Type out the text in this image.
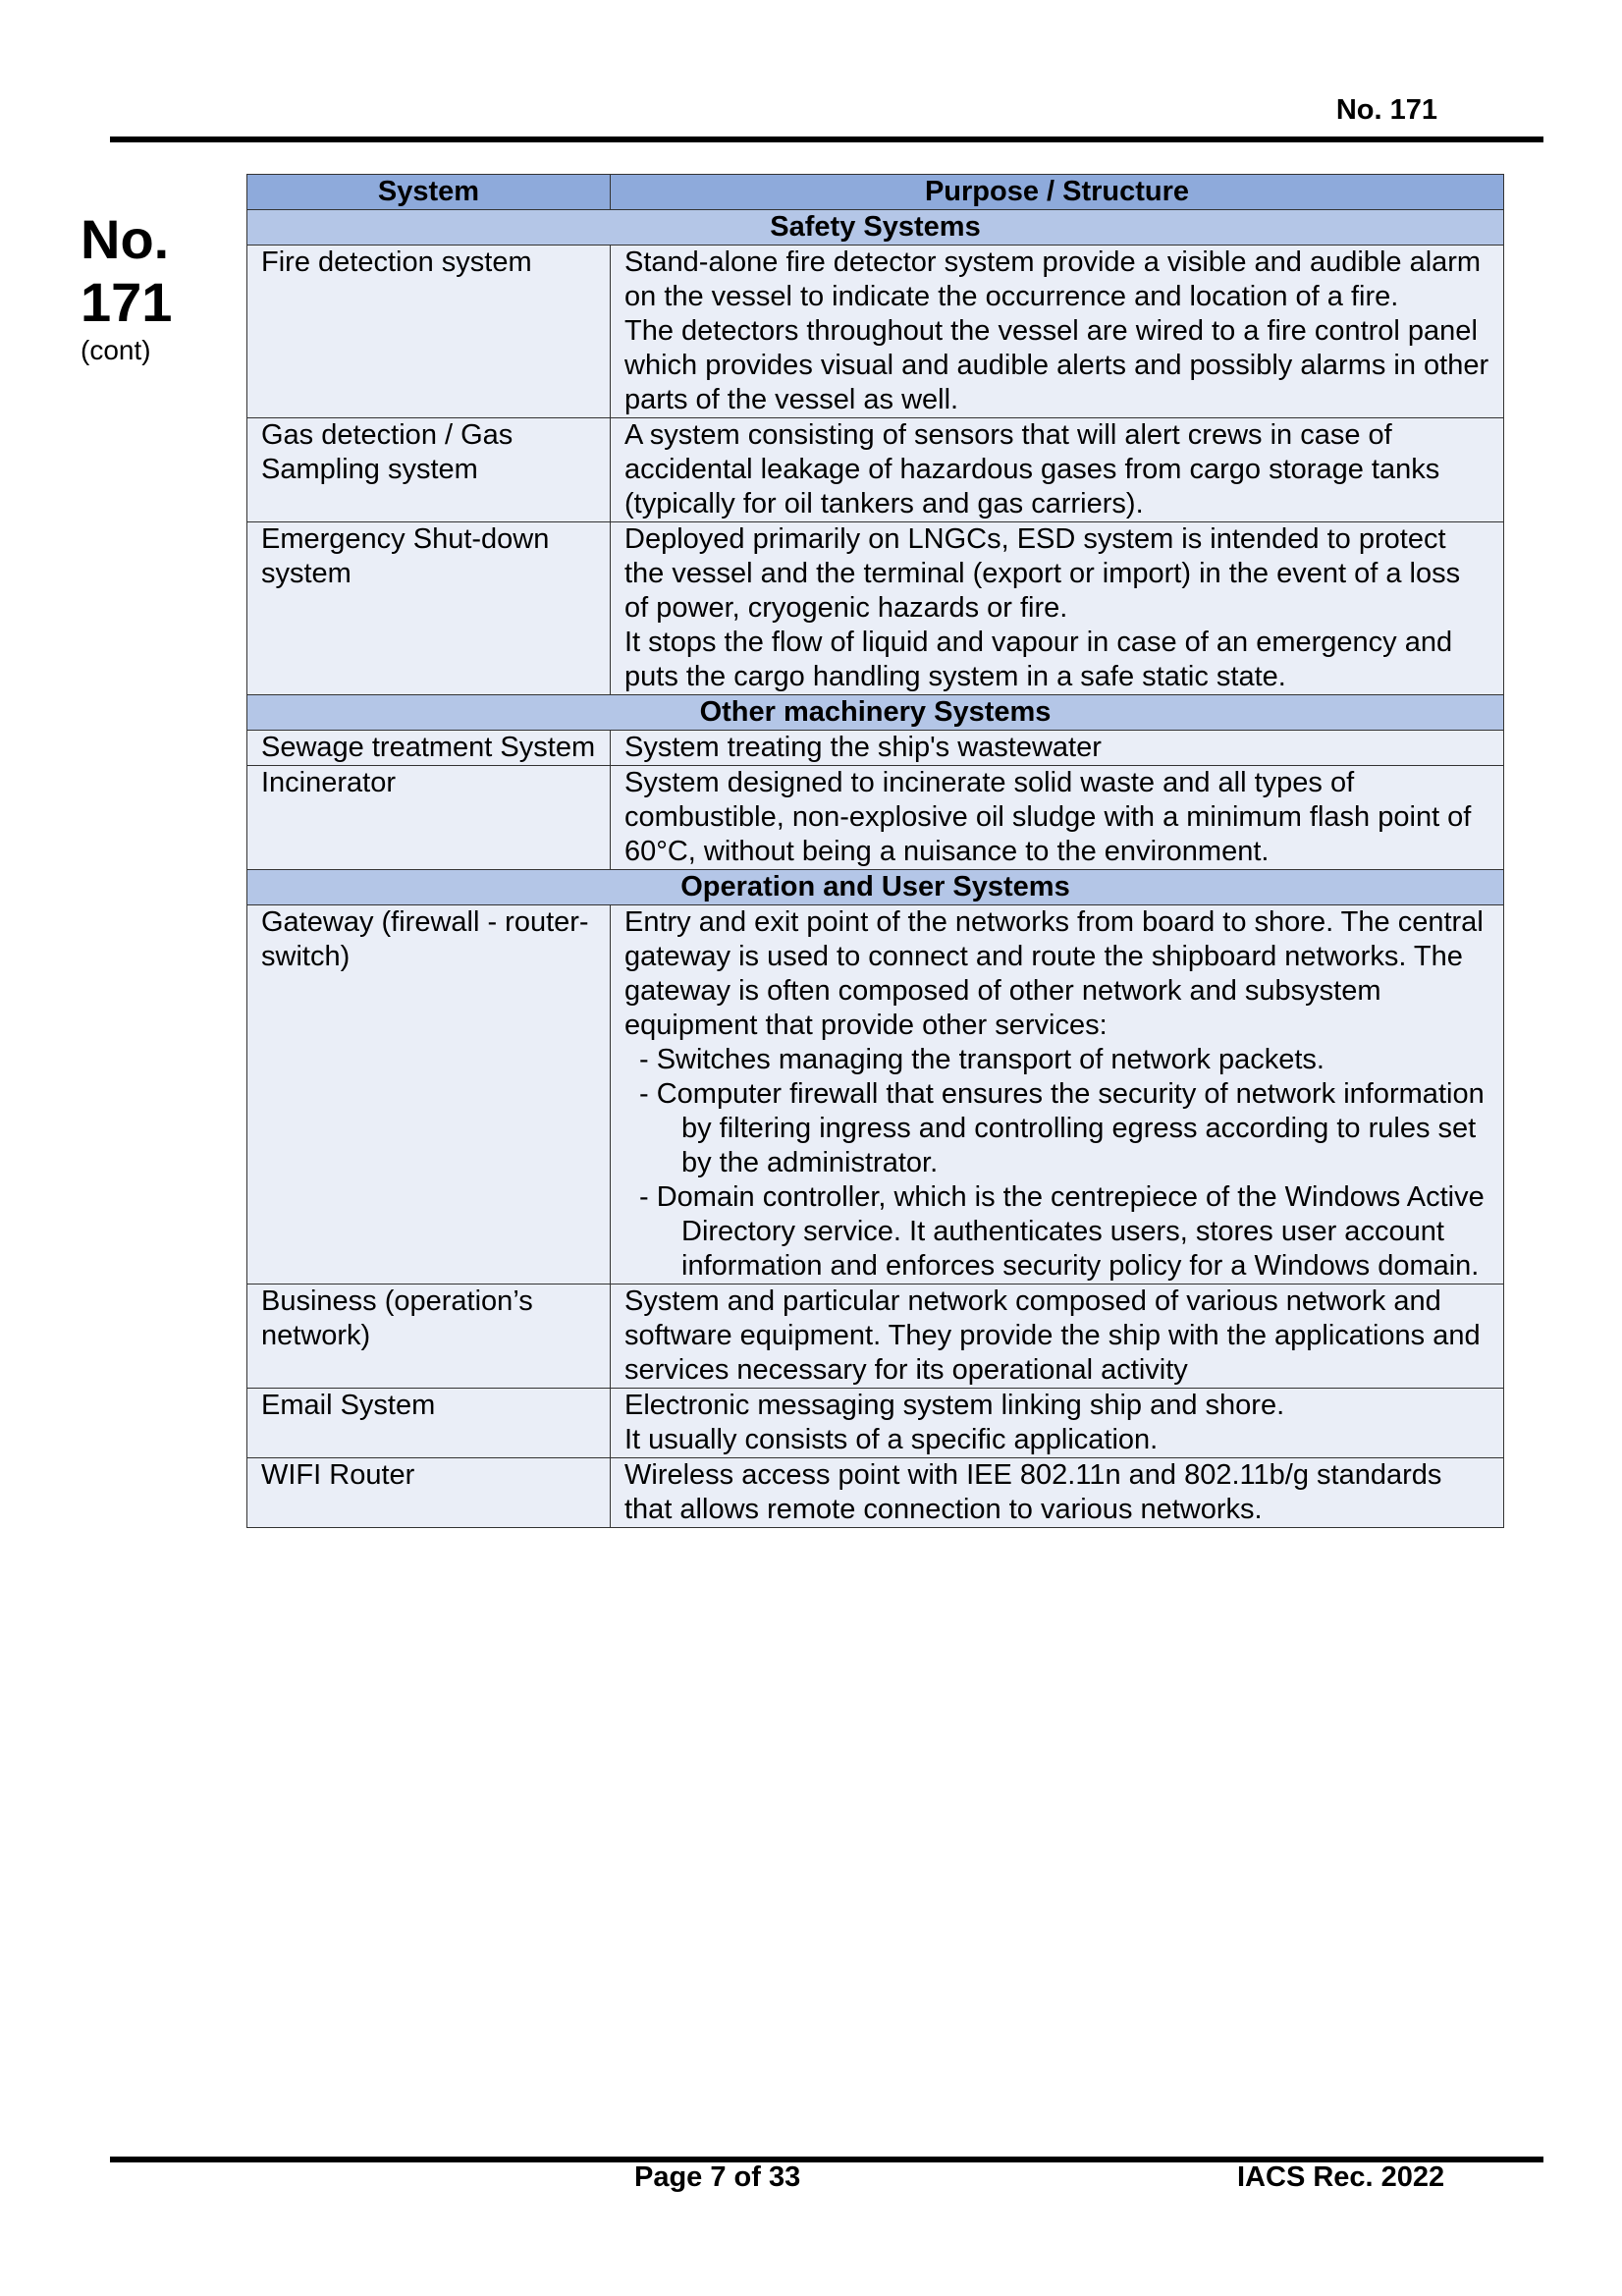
No. 171
No.
171
(cont)
System	Purpose / Structure
Safety Systems	
Fire detection system	Stand-alone fire detector system provide a visible and audible alarm on the vessel to indicate the occurrence and location of a fire.
The detectors throughout the vessel are wired to a fire control panel which provides visual and audible alerts and possibly alarms in other parts of the vessel as well.

Gas detection / Gas Sampling system	A system consisting of sensors that will alert crews in case of accidental leakage of hazardous gases from cargo storage tanks (typically for oil tankers and gas carriers).

Emergency Shut-down system	Deployed primarily on LNGCs, ESD system is intended to protect the vessel and the terminal (export or import) in the event of a loss of power, cryogenic hazards or fire.
It stops the flow of liquid and vapour in case of an emergency and puts the cargo handling system in a safe static state.

Other machinery Systems	
Sewage treatment System	System treating the ship's wastewater

Incinerator	System designed to incinerate solid waste and all types of combustible, non-explosive oil sludge with a minimum flash point of 60°C, without being a nuisance to the environment.

Operation and User Systems	
Gateway (firewall - router-switch)	Entry and exit point of the networks from board to shore. The central gateway is used to connect and route the shipboard networks. The gateway is often composed of other network and subsystem equipment that provide other services:
- Switches managing the transport of network packets.
- Computer firewall that ensures the security of network information by filtering ingress and controlling egress according to rules set by the administrator.
- Domain controller, which is the centrepiece of the Windows Active Directory service. It authenticates users, stores user account information and enforces security policy for a Windows domain.

Business (operation’s network)	System and particular network composed of various network and software equipment. They provide the ship with the applications and services necessary for its operational activity

Email System	Electronic messaging system linking ship and shore.
It usually consists of a specific application.

WIFI Router	Wireless access point with IEE 802.11n and 802.11b/g standards that allows remote connection to various networks.
Page 7 of 33	IACS Rec. 2022
